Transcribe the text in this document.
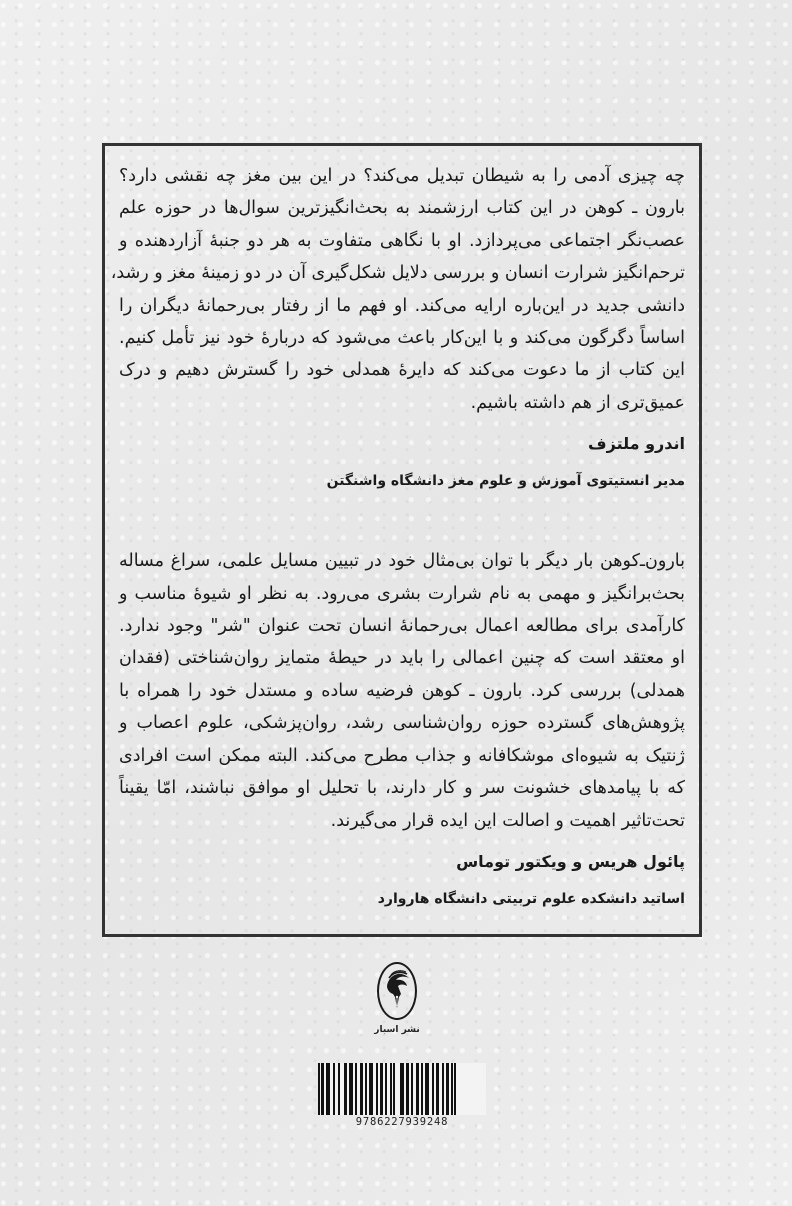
چه چیزی آدمی را به شیطان تبدیل می‌کند؟ در این بین مغز چه نقشی دارد؟
بارون ـ کوهن در این کتاب ارزشمند به بحث‌انگیزترین سوال‌ها در حوزه علم
عصب‌نگر اجتماعی می‌پردازد. او با نگاهی متفاوت به هر دو جنبهٔ آزاردهنده و
ترحم‌انگیز شرارت انسان و بررسی دلایل شکل‌گیری آن در دو زمینهٔ مغز و رشد،
دانشی جدید در این‌باره ارایه می‌کند. او فهم ما از رفتار بی‌رحمانهٔ دیگران را
اساساً دگرگون می‌کند و با این‌کار باعث می‌شود که دربارهٔ خود نیز تأمل کنیم.
این کتاب از ما دعوت می‌کند که دایرهٔ همدلی خود را گسترش دهیم و درک
عمیق‌تری از هم داشته باشیم.
اندرو ملتزف
مدیر انستیتوی آموزش و علوم مغز دانشگاه واشنگتن
بارون‌ـ‌کوهن بار دیگر با توان بی‌مثال خود در تبیین مسایل علمی، سراغ مساله
بحث‌برانگیز و مهمی به نام شرارت بشری می‌رود. به نظر او شیوهٔ مناسب و
کارآمدی برای مطالعه اعمال بی‌رحمانهٔ انسان تحت عنوان "شر" وجود ندارد.
او معتقد است که چنین اعمالی را باید در حیطهٔ متمایز روان‌شناختی (فقدان
همدلی) بررسی کرد. بارون ـ کوهن فرضیه ساده و مستدل خود را همراه با
پژوهش‌های گسترده حوزه روان‌شناسی رشد، روان‌پزشکی، علوم اعصاب و
ژنتیک به شیوه‌ای موشکافانه و جذاب مطرح می‌کند. البته ممکن است افرادی
که با پیامدهای خشونت سر و کار دارند، با تحلیل او موافق نباشند، امّا یقیناً
تحت‌تاثیر اهمیت و اصالت این ایده قرار می‌گیرند.
پائول هریس و ویکتور توماس
اساتید دانشکده علوم تربیتی دانشگاه هاروارد
نشر اسبار
9786227939248
